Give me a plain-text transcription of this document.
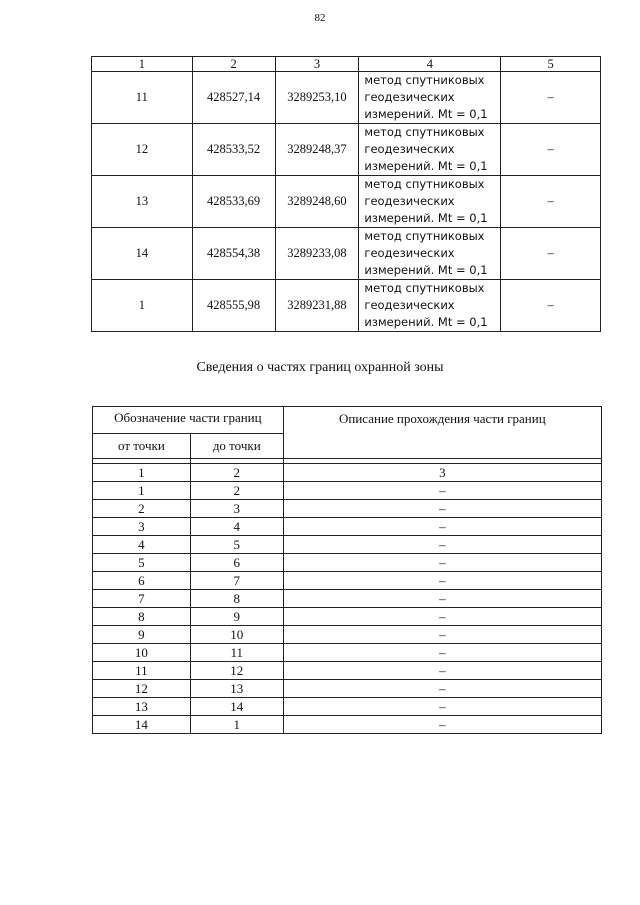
82
1	2	3	4	5
11	428527,14	3289253,10	метод спутниковых
геодезических
измерений. Mt = 0,1	–
12	428533,52	3289248,37	метод спутниковых
геодезических
измерений. Mt = 0,1	–
13	428533,69	3289248,60	метод спутниковых
геодезических
измерений. Mt = 0,1	–
14	428554,38	3289233,08	метод спутниковых
геодезических
измерений. Mt = 0,1	–
1	428555,98	3289231,88	метод спутниковых
геодезических
измерений. Mt = 0,1	–
Сведения о частях границ охранной зоны
Обозначение части границ		Описание прохождения части границ
от точки	до точки	

1	2	3
1	2	–
2	3	–
3	4	–
4	5	–
5	6	–
6	7	–
7	8	–
8	9	–
9	10	–
10	11	–
11	12	–
12	13	–
13	14	–
14	1	–
